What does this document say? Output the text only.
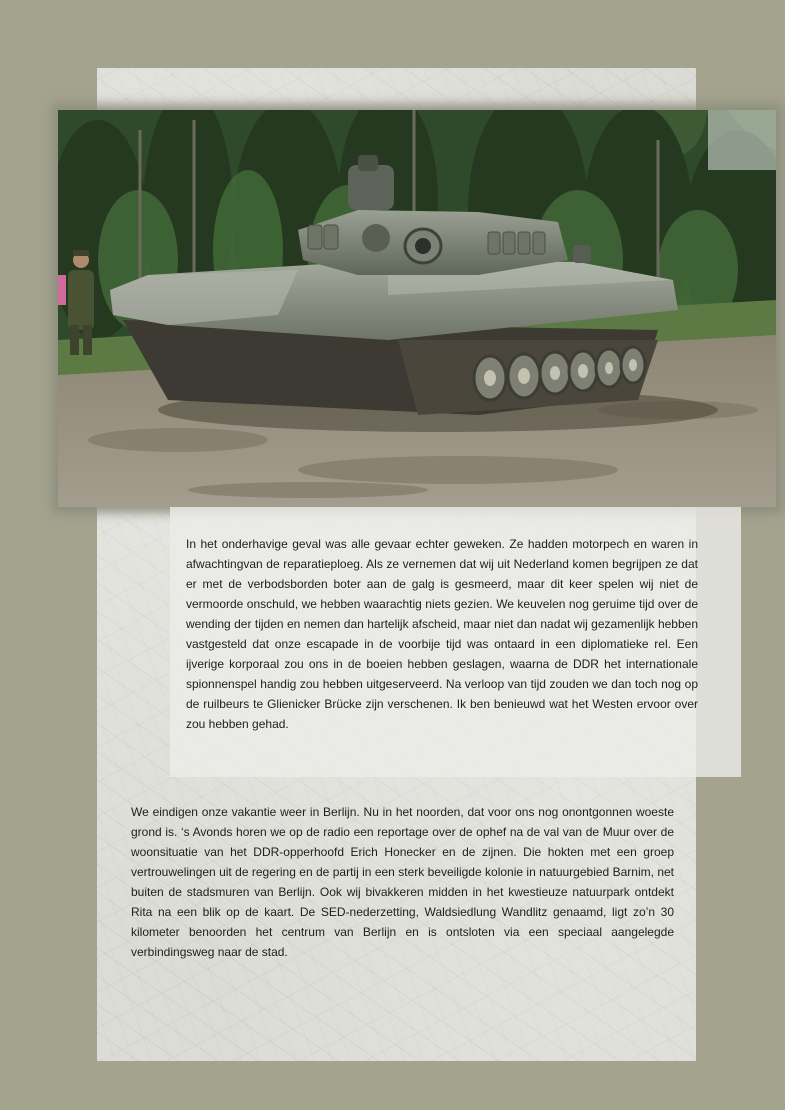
In het onderhavige geval was alle gevaar echter geweken. Ze hadden motorpech en waren in afwachtingvan de reparatieploeg. Als ze vernemen dat wij uit Nederland komen begrijpen ze dat er met de verbodsborden boter aan de galg is gesmeerd, maar dit keer spelen wij niet de vermoorde onschuld, we hebben waarachtig niets gezien. We keuvelen nog geruime tijd over de wending der tijden en nemen dan hartelijk afscheid, maar niet dan nadat wij gezamenlijk hebben vastgesteld dat onze escapade in de voorbije tijd was ontaard in een diplomatieke rel. Een ijverige korporaal zou ons in de boeien hebben geslagen, waarna de DDR het internationale spionnenspel handig zou hebben uitgeserveerd. Na verloop van tijd zouden we dan toch nog op de ruilbeurs te Glienicker Brücke zijn verschenen. Ik ben benieuwd wat het Westen ervoor over zou hebben gehad.

We eindigen onze vakantie weer in Berlijn. Nu in het noorden, dat voor ons nog onontgonnen woeste grond is. ‘s Avonds horen we op de radio een reportage over de ophef na de val van de Muur over de woonsituatie van het DDR-opperhoofd Erich Honecker en de zijnen. Die hokten met een groep vertrouwelingen uit de regering en de partij in een sterk beveiligde kolonie in natuurgebied Barnim, net buiten de stadsmuren van Berlijn. Ook wij bivakkeren midden in het kwestieuze natuurpark ontdekt Rita na een blik op de kaart. De SED-nederzetting, Waldsiedlung Wandlitz genaamd, ligt zo’n 30 kilometer benoorden het centrum van Berlijn en is ontsloten via een speciaal aangelegde verbindingsweg naar de stad.
